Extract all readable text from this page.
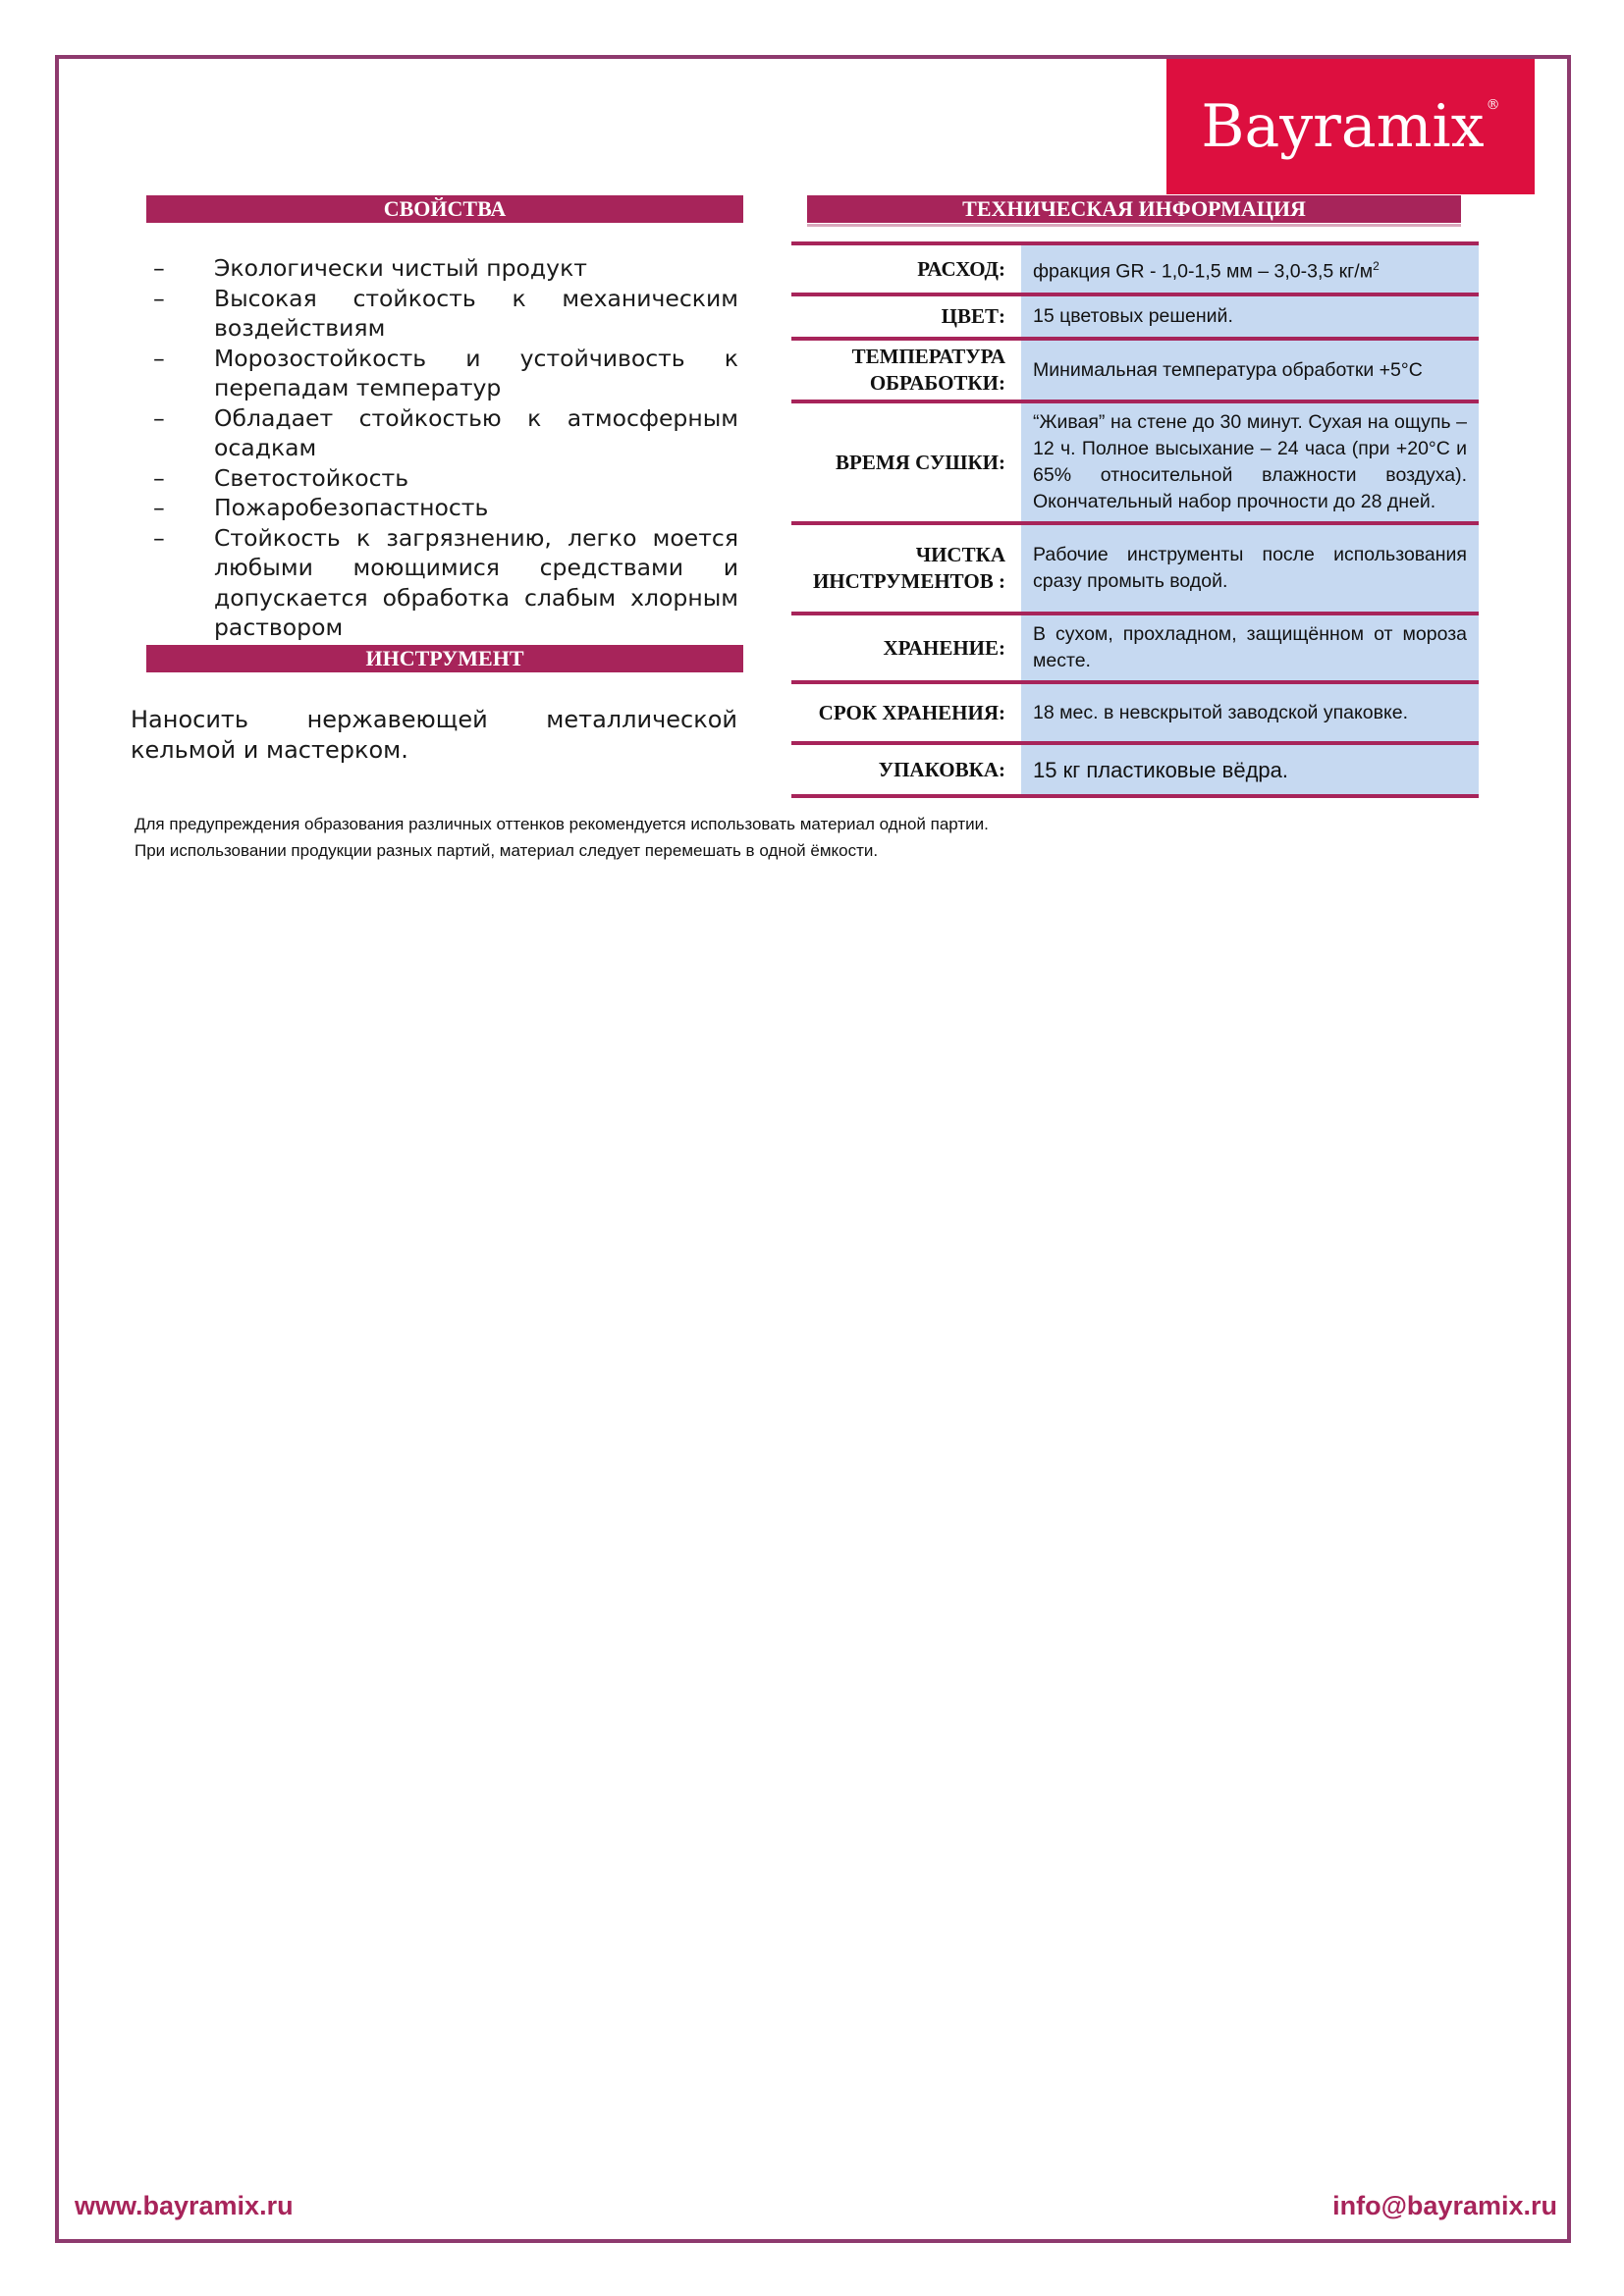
Bayramix®
СВОЙСТВА
– Экологически чистый продукт
– Высокая стойкость к механическим воздействиям
– Морозостойкость и устойчивость к перепадам температур
– Обладает стойкостью к атмосферным осадкам
– Светостойкость
– Пожаробезопастность
– Стойкость к загрязнению, легко моется любыми моющимися средствами и допускается обработка слабым хлорным раствором
ИНСТРУМЕНТ
Наносить нержавеющей металлической кельмой и мастерком.
ТЕХНИЧЕСКАЯ ИНФОРМАЦИЯ
РАСХОД:	фракция GR - 1,0-1,5 мм – 3,0-3,5 $кг/м^2$
ЦВЕТ:	15 цветовых решений.
ТЕМПЕРАТУРА ОБРАБОТКИ:	Минимальная температура обработки +5°С
ВРЕМЯ СУШКИ:	“Живая” на стене до 30 минут. Сухая на ощупь – 12 ч. Полное высыхание – 24 часа (при +20°С и 65% относительной влажности воздуха). Окончательный набор прочности до 28 дней.
ЧИСТКА ИНСТРУМЕНТОВ :	Рабочие инструменты после использования сразу промыть водой.
ХРАНЕНИЕ:	В сухом, прохладном, защищённом от мороза месте.
СРОК ХРАНЕНИЯ:	18 мес. в невскрытой заводской упаковке.
УПАКОВКА:	15 кг пластиковые вёдра.
Для предупреждения образования различных оттенков рекомендуется использовать материал одной партии.
При использовании продукции разных партий, материал следует перемешать в одной ёмкости.
www.bayramix.ru	info@bayramix.ru
